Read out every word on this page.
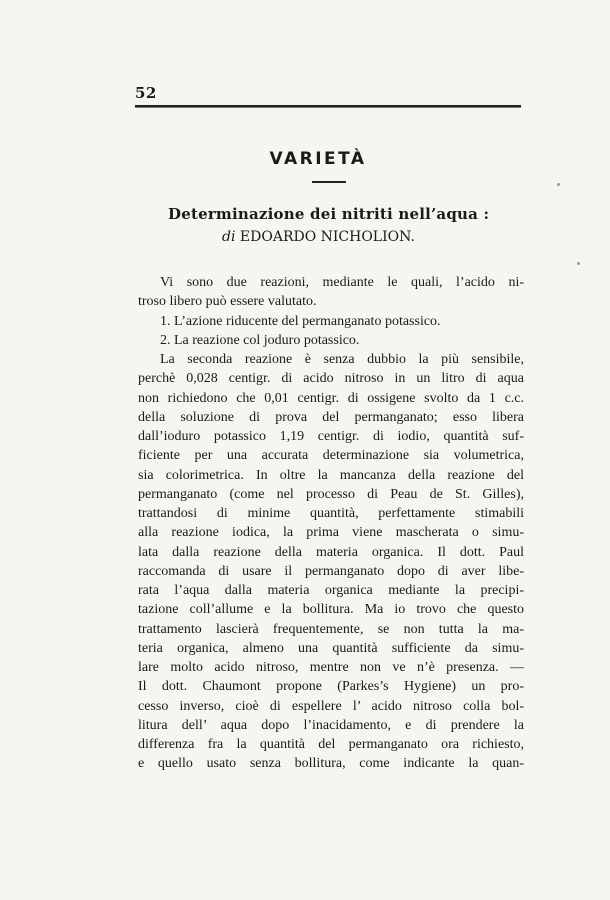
52
VARIETÀ
Determinazione dei nitriti nell’aqua :
di EDOARDO NICHOLION.
Vi sono due reazioni, mediante le quali, l’acido ni-
troso libero può essere valutato.
1. L’azione riducente del permanganato potassico.
2. La reazione col joduro potassico.
La seconda reazione è senza dubbio la più sensibile,
perchè 0,028 centigr. di acido nitroso in un litro di aqua
non richiedono che 0,01 centigr. di ossigene svolto da 1 c.c.
della soluzione di prova del permanganato; esso libera
dall’ioduro potassico 1,19 centigr. di iodio, quantità suf-
ficiente per una accurata determinazione sia volumetrica,
sia colorimetrica. In oltre la mancanza della reazione del
permanganato (come nel processo di Peau de St. Gilles),
trattandosi di minime quantità, perfettamente stimabili
alla reazione iodica, la prima viene mascherata o simu-
lata dalla reazione della materia organica. Il dott. Paul
raccomanda di usare il permanganato dopo di aver libe-
rata l’aqua dalla materia organica mediante la precipi-
tazione coll’allume e la bollitura. Ma io trovo che questo
trattamento lascierà frequentemente, se non tutta la ma-
teria organica, almeno una quantità sufficiente da simu-
lare molto acido nitroso, mentre non ve n’è presenza. —
Il dott. Chaumont propone (Parkes’s Hygiene) un pro-
cesso inverso, cioè di espellere l’ acido nitroso colla bol-
litura dell’ aqua dopo l’inacidamento, e di prendere la
differenza fra la quantità del permanganato ora richiesto,
e quello usato senza bollitura, come indicante la quan-
